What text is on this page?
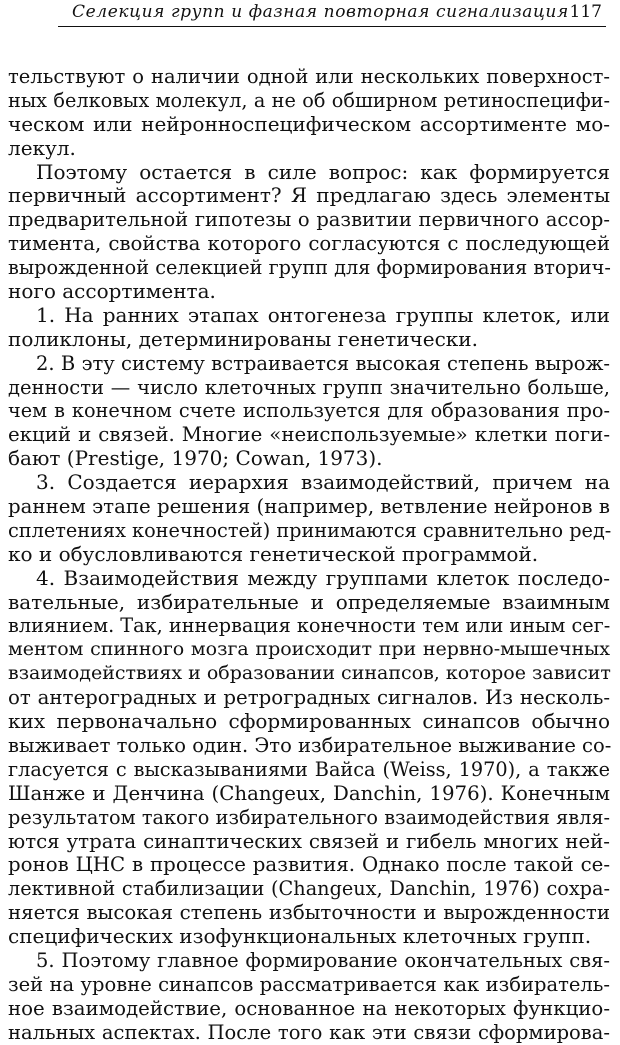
Селекция групп и фазная повторная сигнализация 117
тельствуют о наличии одной или нескольких поверхност-
ных белковых молекул, а не об обширном ретиноспецифи-
ческом или нейронноспецифическом ассортименте мо-
лекул.
Поэтому остается в силе вопрос: как формируется
первичный ассортимент? Я предлагаю здесь элементы
предварительной гипотезы о развитии первичного ассор-
тимента, свойства которого согласуются с последующей
вырожденной селекцией групп для формирования вторич-
ного ассортимента.
1. На ранних этапах онтогенеза группы клеток, или
поликлоны, детерминированы генетически.
2. В эту систему встраивается высокая степень вырож-
денности — число клеточных групп значительно больше,
чем в конечном счете используется для образования про-
екций и связей. Многие «неиспользуемые» клетки поги-
бают (Prestige, 1970; Cowan, 1973).
3. Создается иерархия взаимодействий, причем на
раннем этапе решения (например, ветвление нейронов в
сплетениях конечностей) принимаются сравнительно ред-
ко и обусловливаются генетической программой.
4. Взаимодействия между группами клеток последо-
вательные, избирательные и определяемые взаимным
влиянием. Так, иннервация конечности тем или иным сег-
ментом спинного мозга происходит при нервно-мышечных
взаимодействиях и образовании синапсов, которое зависит
от антероградных и ретроградных сигналов. Из несколь-
ких первоначально сформированных синапсов обычно
выживает только один. Это избирательное выживание со-
гласуется с высказываниями Вайса (Weiss, 1970), а также
Шанже и Денчина (Changeux, Danchin, 1976). Конечным
результатом такого избирательного взаимодействия явля-
ются утрата синаптических связей и гибель многих ней-
ронов ЦНС в процессе развития. Однако после такой се-
лективной стабилизации (Changeux, Danchin, 1976) сохра-
няется высокая степень избыточности и вырожденности
специфических изофункциональных клеточных групп.
5. Поэтому главное формирование окончательных свя-
зей на уровне синапсов рассматривается как избиратель-
ное взаимодействие, основанное на некоторых функцио-
нальных аспектах. После того как эти связи сформирова-
